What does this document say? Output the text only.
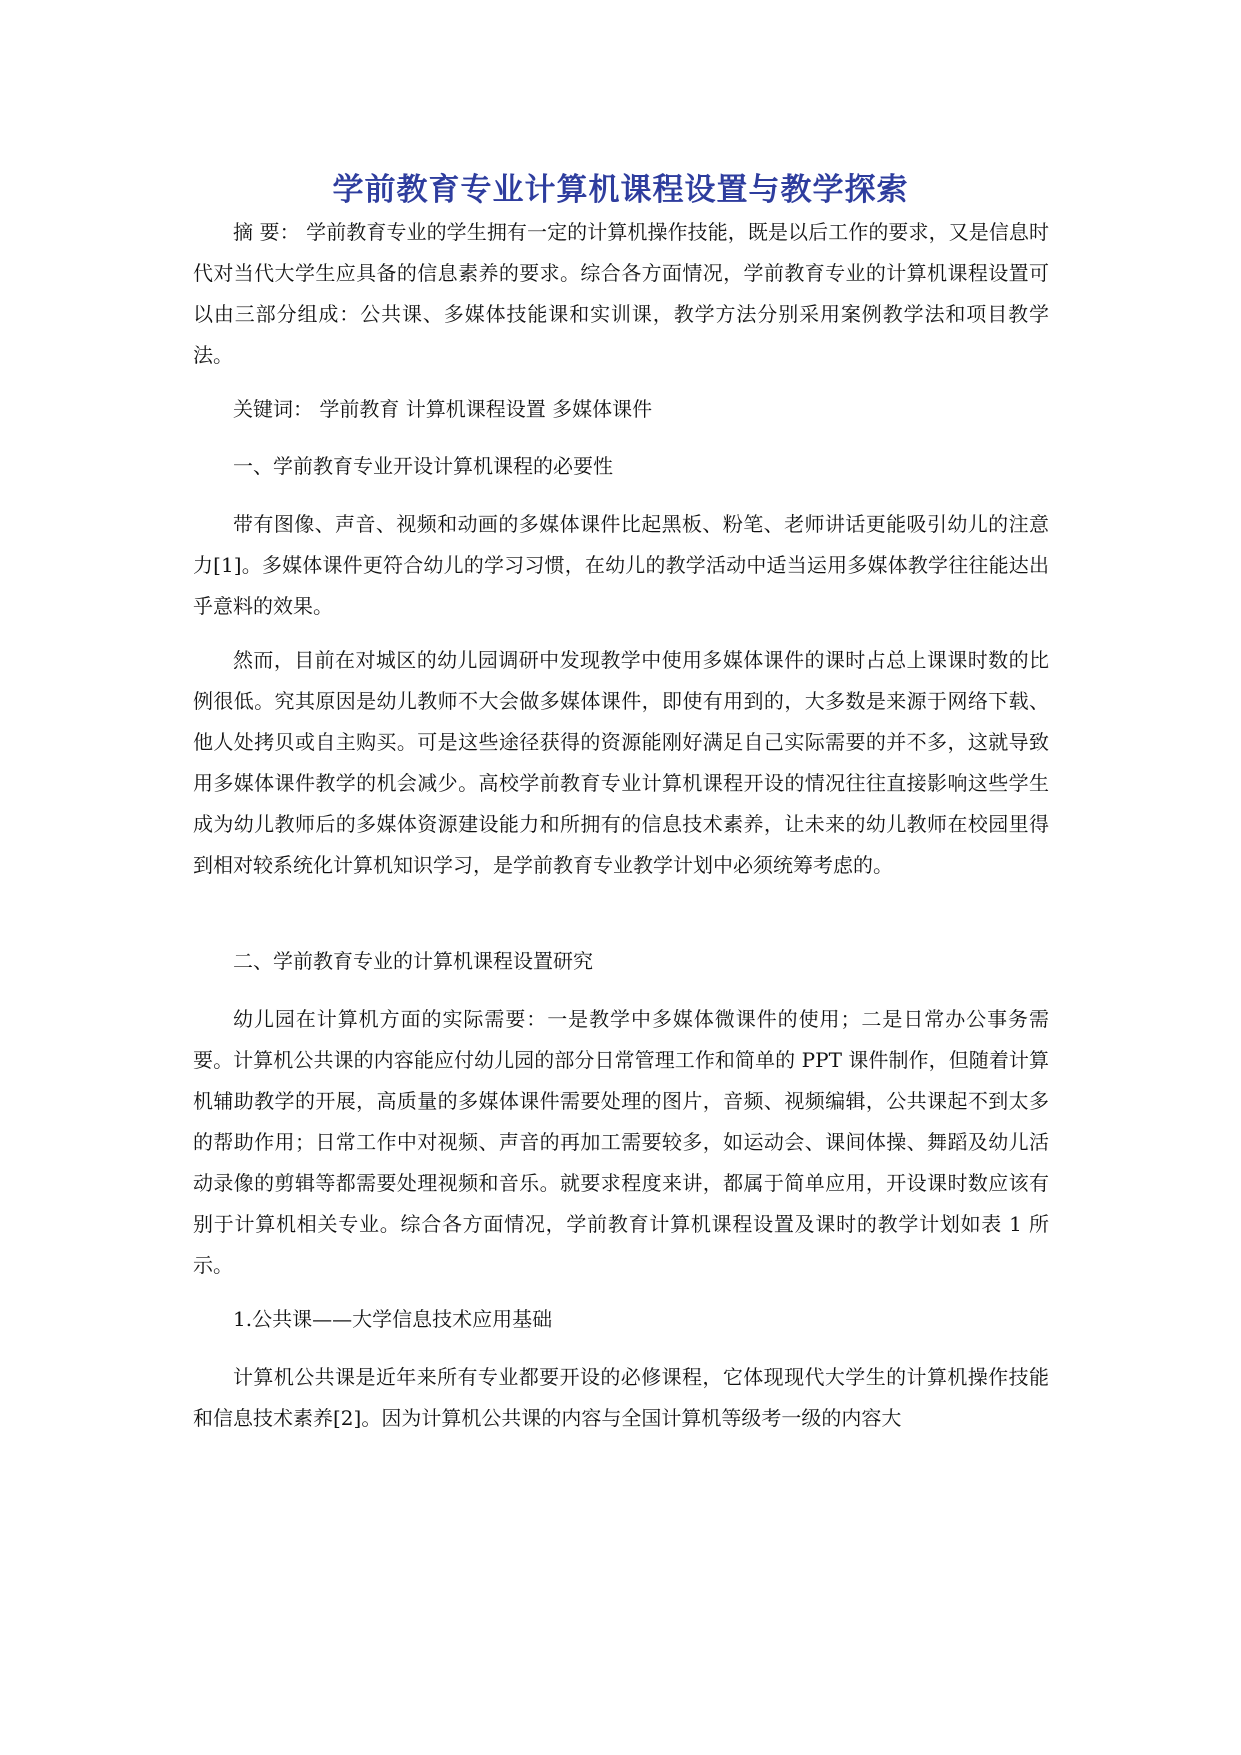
学前教育专业计算机课程设置与教学探索

摘 要： 学前教育专业的学生拥有一定的计算机操作技能，既是以后工作的要求，又是信息时代对当代大学生应具备的信息素养的要求。综合各方面情况，学前教育专业的计算机课程设置可以由三部分组成：公共课、多媒体技能课和实训课，教学方法分别采用案例教学法和项目教学法。

关键词： 学前教育 计算机课程设置 多媒体课件

一、学前教育专业开设计算机课程的必要性

带有图像、声音、视频和动画的多媒体课件比起黑板、粉笔、老师讲话更能吸引幼儿的注意力[1]。多媒体课件更符合幼儿的学习习惯，在幼儿的教学活动中适当运用多媒体教学往往能达出乎意料的效果。

然而，目前在对城区的幼儿园调研中发现教学中使用多媒体课件的课时占总上课课时数的比例很低。究其原因是幼儿教师不大会做多媒体课件，即使有用到的，大多数是来源于网络下载、他人处拷贝或自主购买。可是这些途径获得的资源能刚好满足自己实际需要的并不多，这就导致用多媒体课件教学的机会减少。高校学前教育专业计算机课程开设的情况往往直接影响这些学生成为幼儿教师后的多媒体资源建设能力和所拥有的信息技术素养，让未来的幼儿教师在校园里得到相对较系统化计算机知识学习，是学前教育专业教学计划中必须统筹考虑的。

二、学前教育专业的计算机课程设置研究

幼儿园在计算机方面的实际需要：一是教学中多媒体微课件的使用；二是日常办公事务需要。计算机公共课的内容能应付幼儿园的部分日常管理工作和简单的 PPT 课件制作，但随着计算机辅助教学的开展，高质量的多媒体课件需要处理的图片，音频、视频编辑，公共课起不到太多的帮助作用；日常工作中对视频、声音的再加工需要较多，如运动会、课间体操、舞蹈及幼儿活动录像的剪辑等都需要处理视频和音乐。就要求程度来讲，都属于简单应用，开设课时数应该有别于计算机相关专业。综合各方面情况，学前教育计算机课程设置及课时的教学计划如表 1 所示。

1.公共课——大学信息技术应用基础

计算机公共课是近年来所有专业都要开设的必修课程，它体现现代大学生的计算机操作技能和信息技术素养[2]。因为计算机公共课的内容与全国计算机等级考一级的内容大
